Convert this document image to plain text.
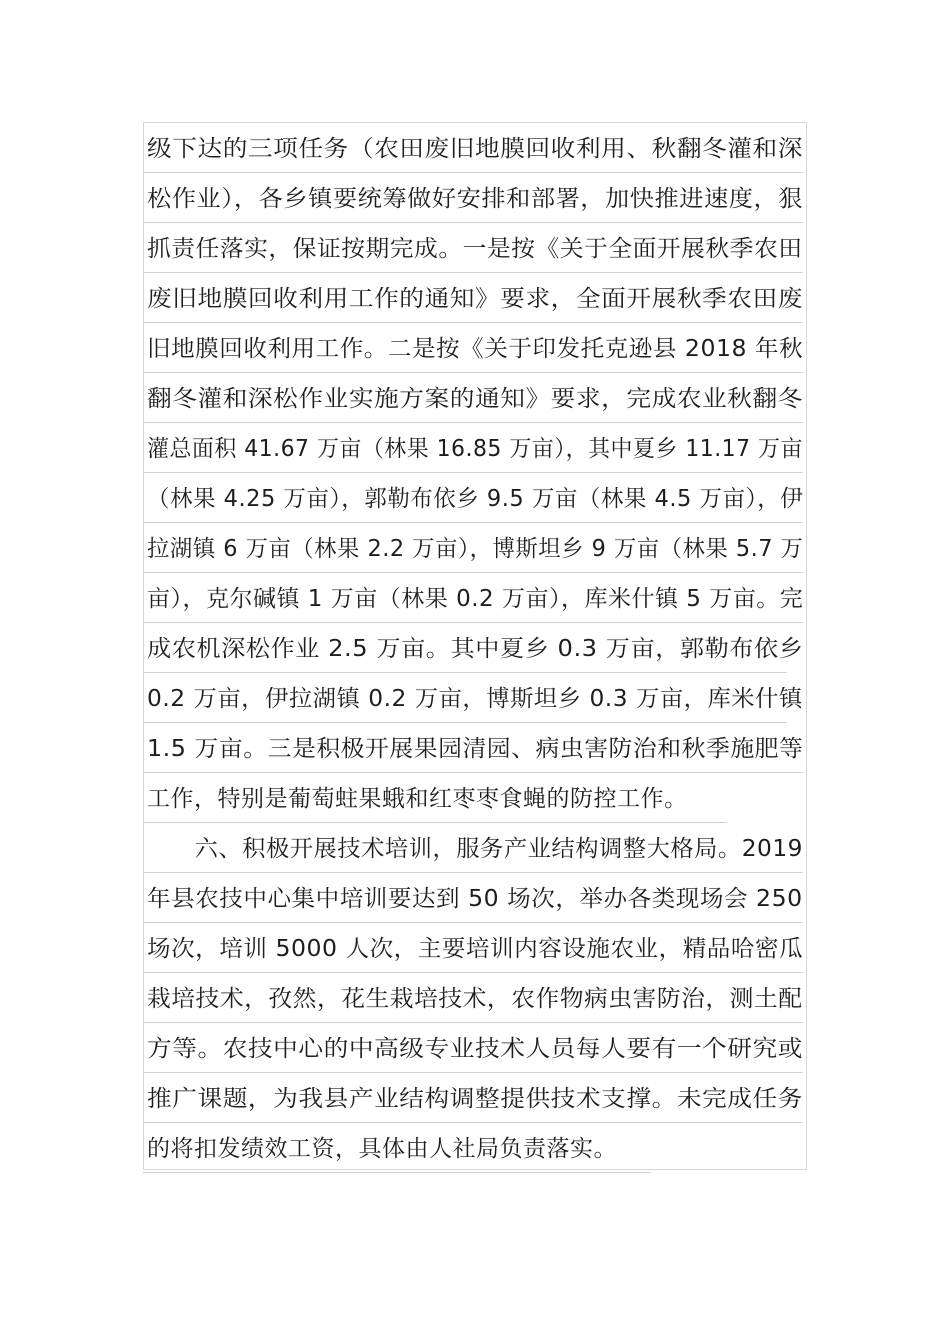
级下达的三项任务（农田废旧地膜回收利用、秋翻冬灌和深
松作业），各乡镇要统筹做好安排和部署，加快推进速度，狠
抓责任落实，保证按期完成。一是按《关于全面开展秋季农田
废旧地膜回收利用工作的通知》要求，全面开展秋季农田废
旧地膜回收利用工作。二是按《关于印发托克逊县 2018 年秋
翻冬灌和深松作业实施方案的通知》要求，完成农业秋翻冬
灌总面积 41.67 万亩（林果 16.85 万亩），其中夏乡 11.17 万亩
（林果 4.25 万亩），郭勒布依乡 9.5 万亩（林果 4.5 万亩），伊
拉湖镇 6 万亩（林果 2.2 万亩），博斯坦乡 9 万亩（林果 5.7 万
亩），克尔碱镇 1 万亩（林果 0.2 万亩），库米什镇 5 万亩。完
成农机深松作业 2.5 万亩。其中夏乡 0.3 万亩，郭勒布依乡
0.2 万亩，伊拉湖镇 0.2 万亩，博斯坦乡 0.3 万亩，库米什镇
1.5 万亩。三是积极开展果园清园、病虫害防治和秋季施肥等
工作，特别是葡萄蛀果蛾和红枣枣食蝇的防控工作。
　　六、积极开展技术培训，服务产业结构调整大格局。2019
年县农技中心集中培训要达到 50 场次，举办各类现场会 250
场次，培训 5000 人次，主要培训内容设施农业，精品哈密瓜
栽培技术，孜然，花生栽培技术，农作物病虫害防治，测土配
方等。农技中心的中高级专业技术人员每人要有一个研究或
推广课题，为我县产业结构调整提供技术支撑。未完成任务
的将扣发绩效工资，具体由人社局负责落实。
